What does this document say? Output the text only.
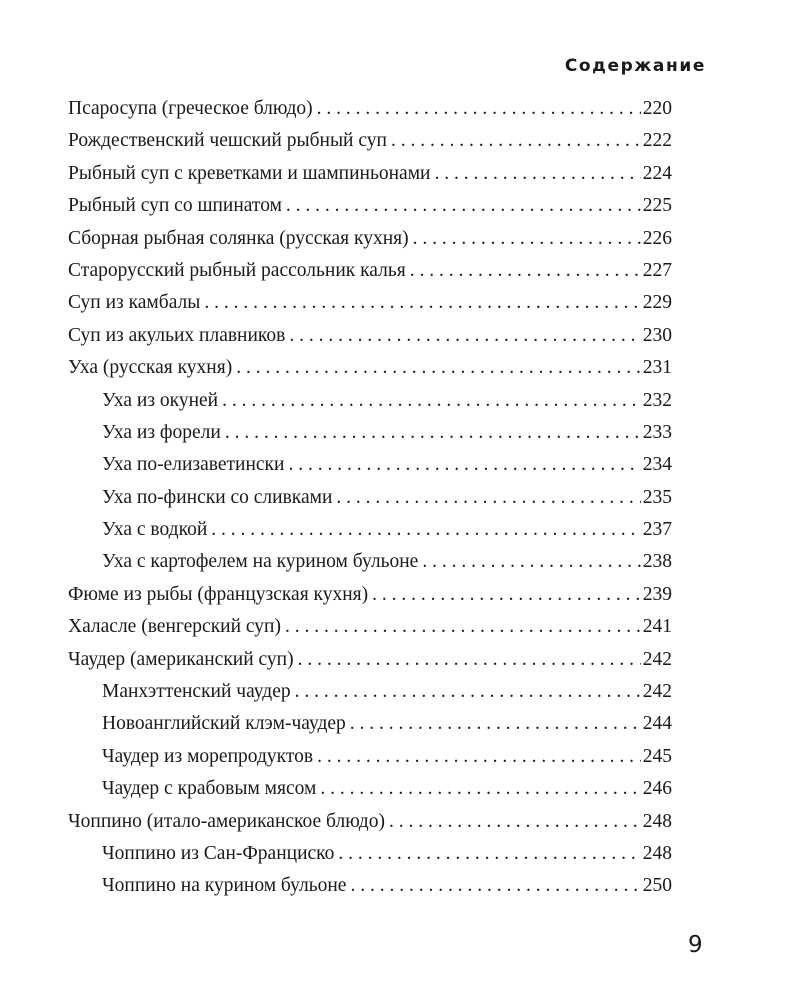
Содержание
Псаросупа (греческое блюдо) . . .	220
Рождественский чешский рыбный суп . . .	222
Рыбный суп с креветками и шампиньонами . . .	224
Рыбный суп со шпинатом . . .	225
Сборная рыбная солянка (русская кухня) . . .	226
Старорусский рыбный рассольник калья . . .	227
Суп из камбалы . . .	229
Суп из акульих плавников . . .	230
Уха (русская кухня) . . .	231
Уха из окуней . . .	232
Уха из форели . . .	233
Уха по-елизаветински . . .	234
Уха по-фински со сливками . . .	235
Уха с водкой . . .	237
Уха с картофелем на курином бульоне . . .	238
Фюме из рыбы (французская кухня) . . .	239
Халасле (венгерский суп) . . .	241
Чаудер (американский суп) . . .	242
Манхэттенский чаудер . . .	242
Новоанглийский клэм-чаудер . . .	244
Чаудер из морепродуктов . . .	245
Чаудер с крабовым мясом . . .	246
Чоппино (итало-американское блюдо) . . .	248
Чоппино из Сан-Франциско . . .	248
Чоппино на курином бульоне . . .	250
9
